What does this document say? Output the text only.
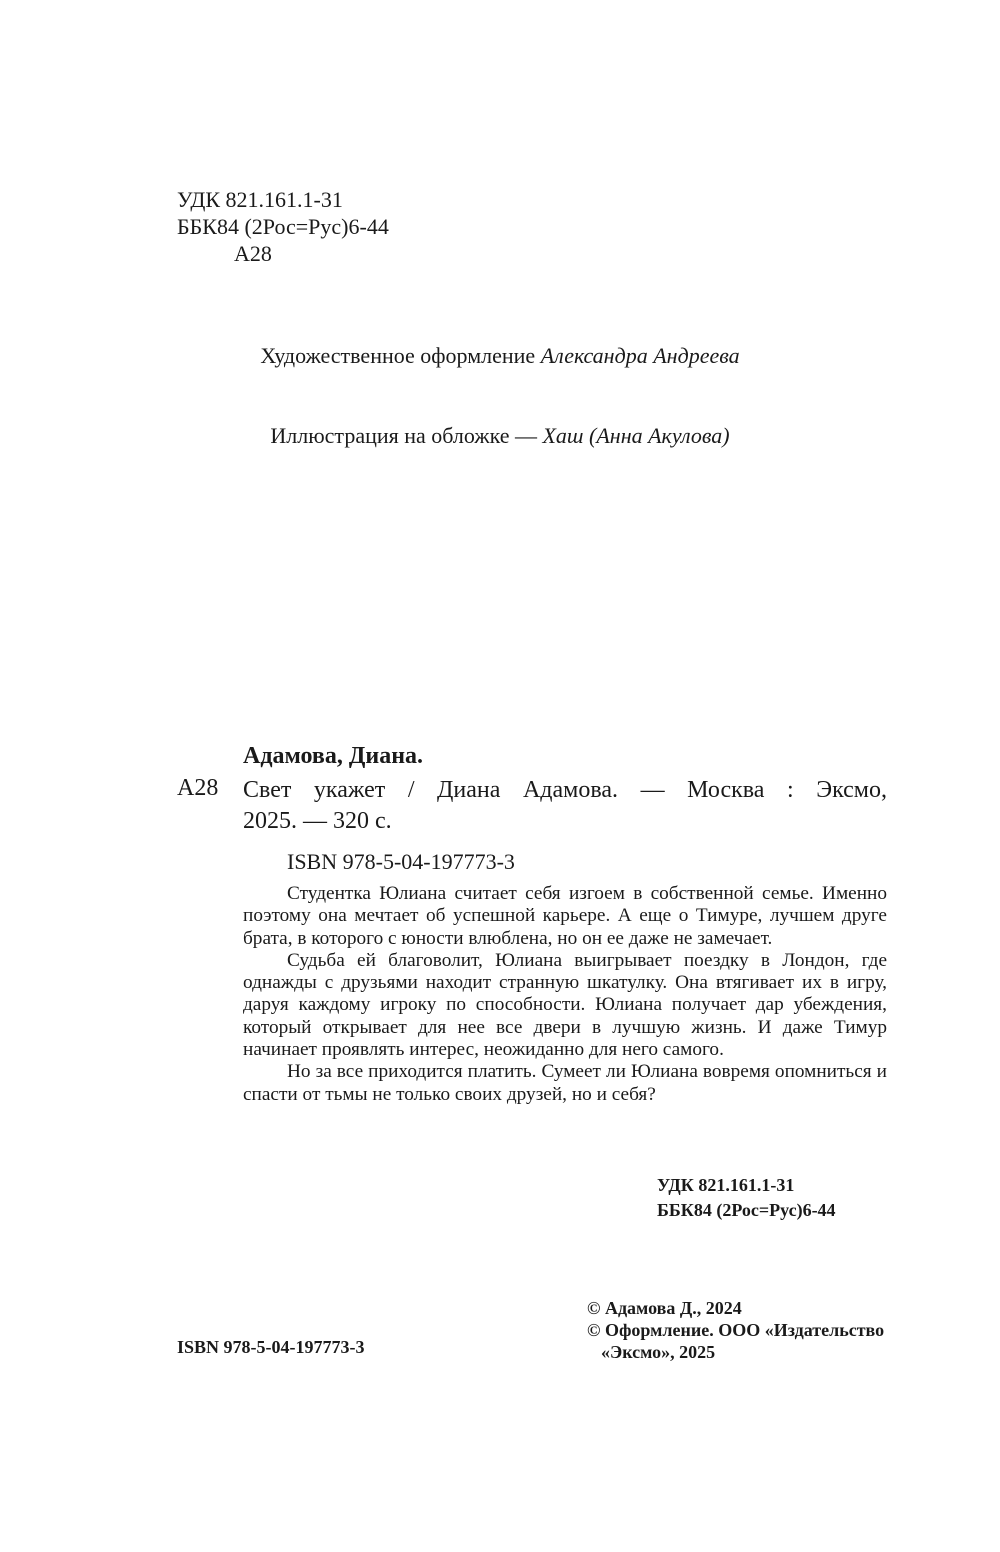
УДК 821.161.1-31
ББК84 (2Рос=Рус)6-44
А28
Художественное оформление Александра Андреева
Иллюстрация на обложке — Хаш (Анна Акулова)
Адамова, Диана.
А28 Свет укажет / Диана Адамова. — Москва : Эксмо,
2025. — 320 с.
ISBN 978-5-04-197773-3

Студентка Юлиана считает себя изгоем в собственной семье. Именно поэтому она мечтает об успешной карьере. А еще о Тимуре, лучшем друге брата, в которого с юности влюблена, но он ее даже не замечает.

Судьба ей благоволит, Юлиана выигрывает поездку в Лондон, где однажды с друзьями находит странную шкатулку. Она втягивает их в игру, даруя каждому игроку по способности. Юлиана получает дар убеждения, который открывает для нее все двери в лучшую жизнь. И даже Тимур начинает проявлять интерес, неожиданно для него самого.

Но за все приходится платить. Сумеет ли Юлиана вовремя опомниться и спасти от тьмы не только своих друзей, но и себя?

УДК 821.161.1-31
ББК84 (2Рос=Рус)6-44
© Адамова Д., 2024
© Оформление. ООО «Издательство
«Эксмо», 2025
ISBN 978-5-04-197773-3
